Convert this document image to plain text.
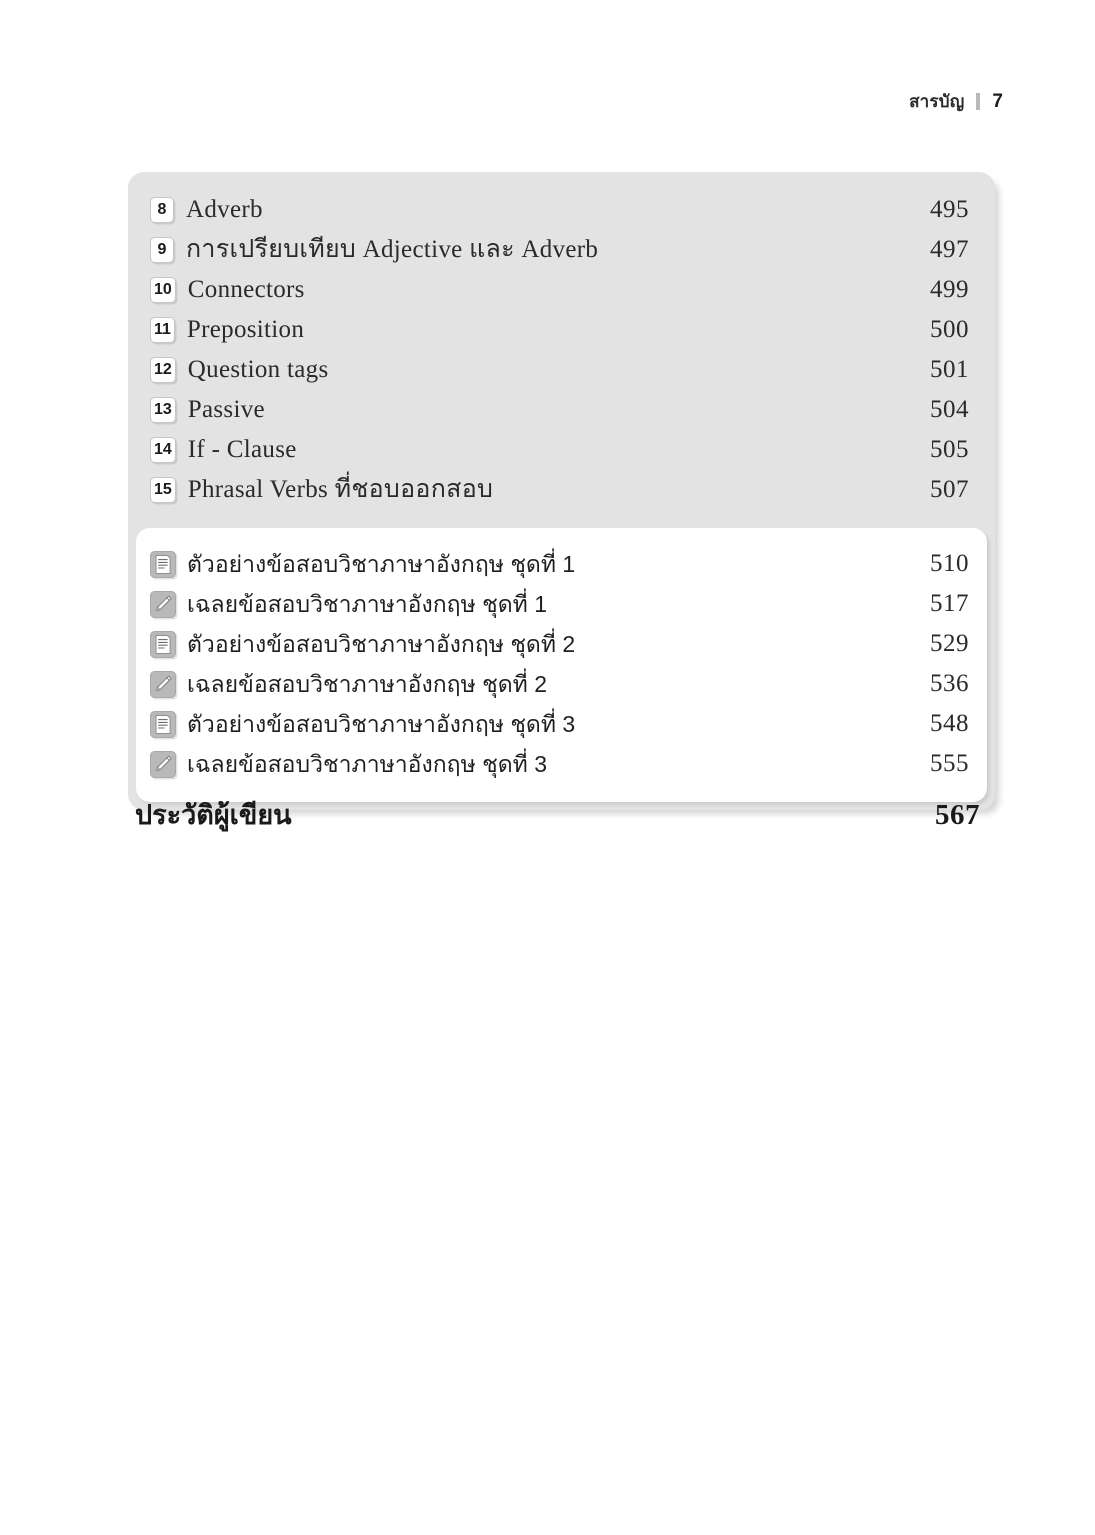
สารบัญ 7
8 Adverb	495
9 การเปรียบเทียบ Adjective และ Adverb	497
10 Connectors	499
11 Preposition	500
12 Question tags	501
13 Passive	504
14 If - Clause	505
15 Phrasal Verbs ที่ชอบออกสอบ	507
ตัวอย่างข้อสอบวิชาภาษาอังกฤษ ชุดที่ 1	510
เฉลยข้อสอบวิชาภาษาอังกฤษ ชุดที่ 1	517
ตัวอย่างข้อสอบวิชาภาษาอังกฤษ ชุดที่ 2	529
เฉลยข้อสอบวิชาภาษาอังกฤษ ชุดที่ 2	536
ตัวอย่างข้อสอบวิชาภาษาอังกฤษ ชุดที่ 3	548
เฉลยข้อสอบวิชาภาษาอังกฤษ ชุดที่ 3	555
ประวัติผู้เขียน	567
